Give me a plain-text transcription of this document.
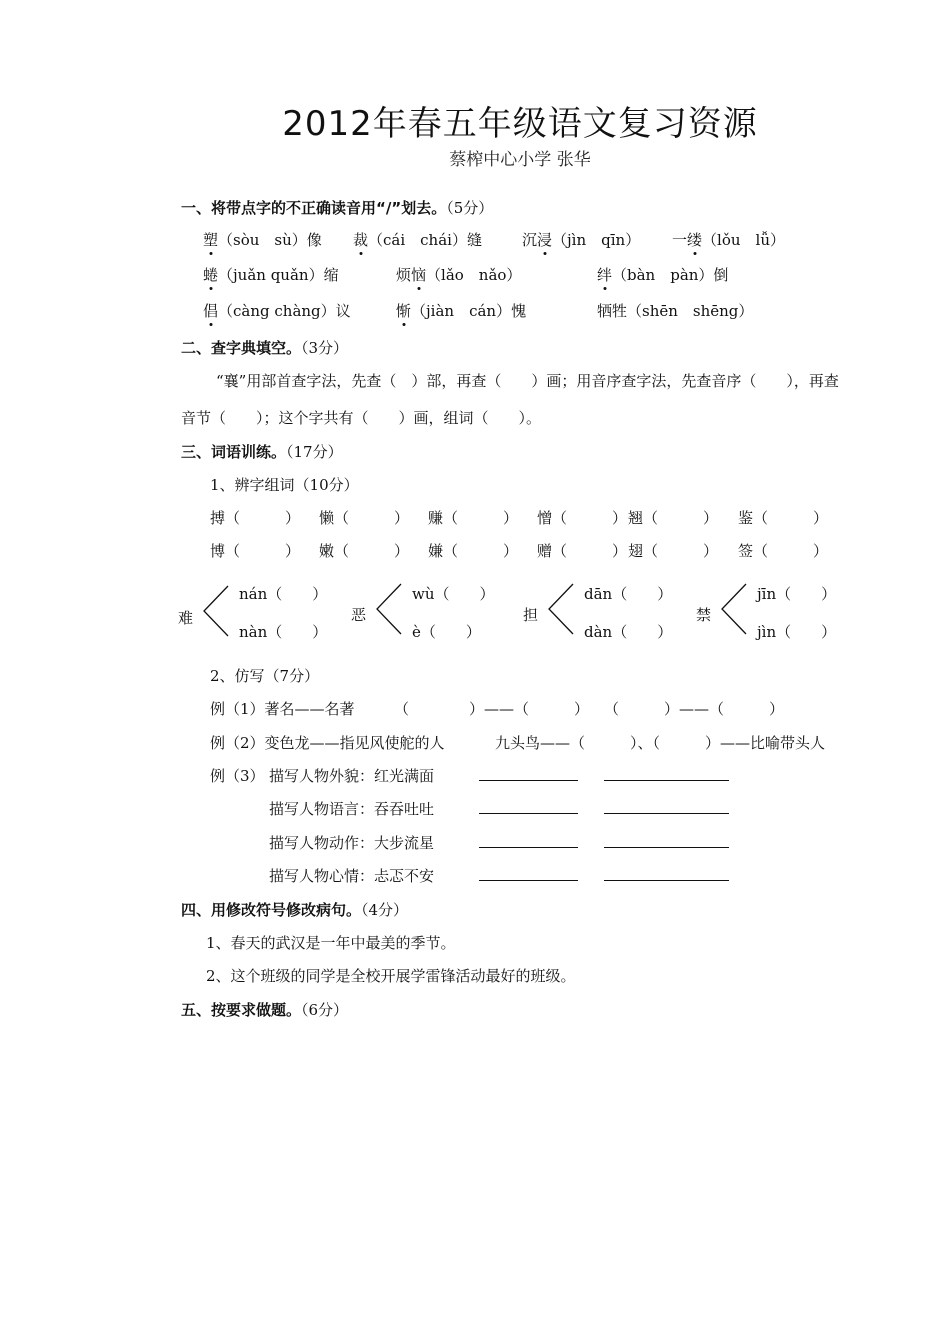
2012年春五年级语文复习资源
蔡榨中心小学 张华
一、将带点字的不正确读音用“/”划去。（5分）
塑（sòu　sù）像 裁（cái　chái）缝	沉浸（jìn　qīn） 一缕（lǒu　lǚ）
蜷（juǎn quǎn）缩	烦恼（lǎo　nǎo）	绊（bàn　pàn）倒
倡（càng chàng）议	惭（jiàn　cán）愧	牺牲（shēn　shēng）
二、查字典填空。（3分）
“襄”用部首查字法，先查（　）部，再查（　　）画；用音序查字法，先查音序（　　），再查
音节（　　）；这个字共有（　　）画，组词（　　）。
三、词语训练。（17分）
1、辨字组词（10分）
搏（　　　） 懒（　　　） 赚（　　　） 憎（　　　） 翘（　　　） 鉴（　　　）
博（　　　） 嫩（　　　） 嫌（　　　） 赠（　　　） 翅（　　　） 签（　　　）
难
nán（　　）
nàn（　　）
恶
wù（　　）
è（　　）
担
dān（　　）
dàn（　　）
禁
jīn（　　）
jìn（　　）
2、仿写（7分）
例（1）著名——名著	（　　　　）——（　　　）　　（　　　）——（　　　）
例（2）变色龙——指见风使舵的人	九头鸟——（　　　）、（　　　）——比喻带头人
例（3） 描写人物外貌：红光满面
描写人物语言：吞吞吐吐
描写人物动作：大步流星
描写人物心情：忐忑不安
四、用修改符号修改病句。（4分）
1、春天的武汉是一年中最美的季节。
2、这个班级的同学是全校开展学雷锋活动最好的班级。
五、按要求做题。（6分）
